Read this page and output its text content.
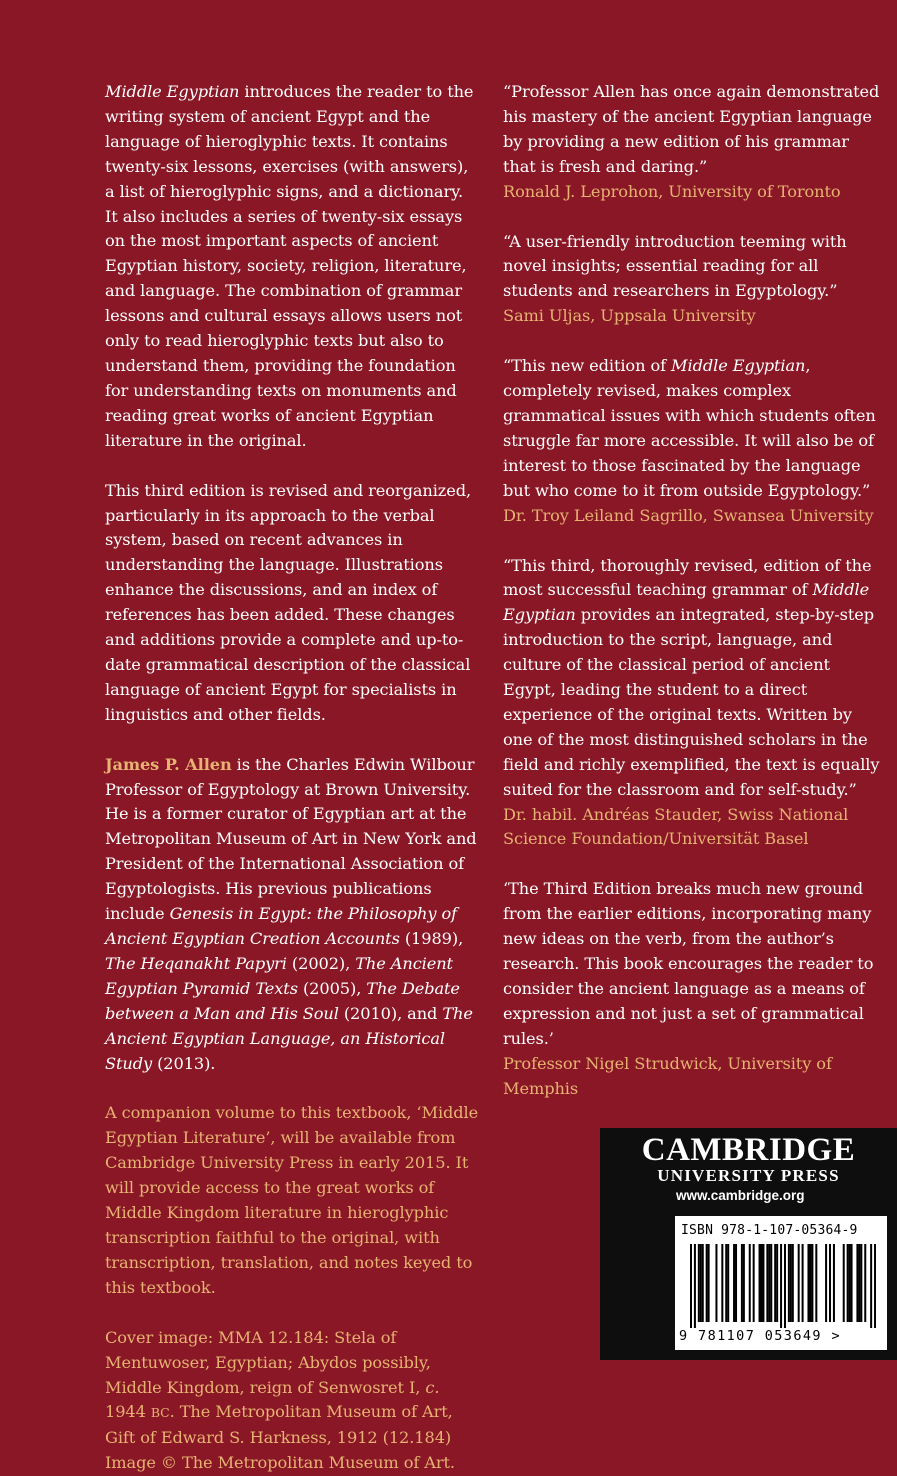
Middle Egyptian introduces the reader to the writing system of ancient Egypt and the language of hieroglyphic texts. It contains twenty-six lessons, exercises (with answers), a list of hieroglyphic signs, and a dictionary. It also includes a series of twenty-six essays on the most important aspects of ancient Egyptian history, society, religion, literature, and language. The combination of grammar lessons and cultural essays allows users not only to read hieroglyphic texts but also to understand them, providing the foundation for understanding texts on monuments and reading great works of ancient Egyptian literature in the original.

This third edition is revised and reorganized, particularly in its approach to the verbal system, based on recent advances in understanding the language. Illustrations enhance the discussions, and an index of references has been added. These changes and additions provide a complete and up-to-date grammatical description of the classical language of ancient Egypt for specialists in linguistics and other fields.

James P. Allen is the Charles Edwin Wilbour Professor of Egyptology at Brown University. He is a former curator of Egyptian art at the Metropolitan Museum of Art in New York and President of the International Association of Egyptologists. His previous publications include Genesis in Egypt: the Philosophy of Ancient Egyptian Creation Accounts (1989), The Heqanakht Papyri (2002), The Ancient Egyptian Pyramid Texts (2005), The Debate between a Man and His Soul (2010), and The Ancient Egyptian Language, an Historical Study (2013).

A companion volume to this textbook, ‘Middle Egyptian Literature’, will be available from Cambridge University Press in early 2015. It will provide access to the great works of Middle Kingdom literature in hieroglyphic transcription faithful to the original, with transcription, translation, and notes keyed to this textbook.

Cover image: MMA 12.184: Stela of Mentuwoser, Egyptian; Abydos possibly, Middle Kingdom, reign of Senwosret I, c. 1944 BC. The Metropolitan Museum of Art, Gift of Edward S. Harkness, 1912 (12.184) Image © The Metropolitan Museum of Art.

“Professor Allen has once again demonstrated his mastery of the ancient Egyptian language by providing a new edition of his grammar that is fresh and daring.”

Ronald J. Leprohon, University of Toronto

“A user-friendly introduction teeming with novel insights; essential reading for all students and researchers in Egyptology.”

Sami Uljas, Uppsala University

“This new edition of Middle Egyptian, completely revised, makes complex grammatical issues with which students often struggle far more accessible. It will also be of interest to those fascinated by the language but who come to it from outside Egyptology.”

Dr. Troy Leiland Sagrillo, Swansea University

“This third, thoroughly revised, edition of the most successful teaching grammar of Middle Egyptian provides an integrated, step-by-step introduction to the script, language, and culture of the classical period of ancient Egypt, leading the student to a direct experience of the original texts. Written by one of the most distinguished scholars in the field and richly exemplified, the text is equally suited for the classroom and for self-study.”

Dr. habil. Andréas Stauder, Swiss National Science Foundation/Universität Basel

‘The Third Edition breaks much new ground from the earlier editions, incorporating many new ideas on the verb, from the author’s research. This book encourages the reader to consider the ancient language as a means of expression and not just a set of grammatical rules.’

Professor Nigel Strudwick, University of Memphis

CAMBRIDGE
UNIVERSITY PRESS
www.cambridge.org
ISBN 978-1-107-05364-9
9 781107 053649 >
